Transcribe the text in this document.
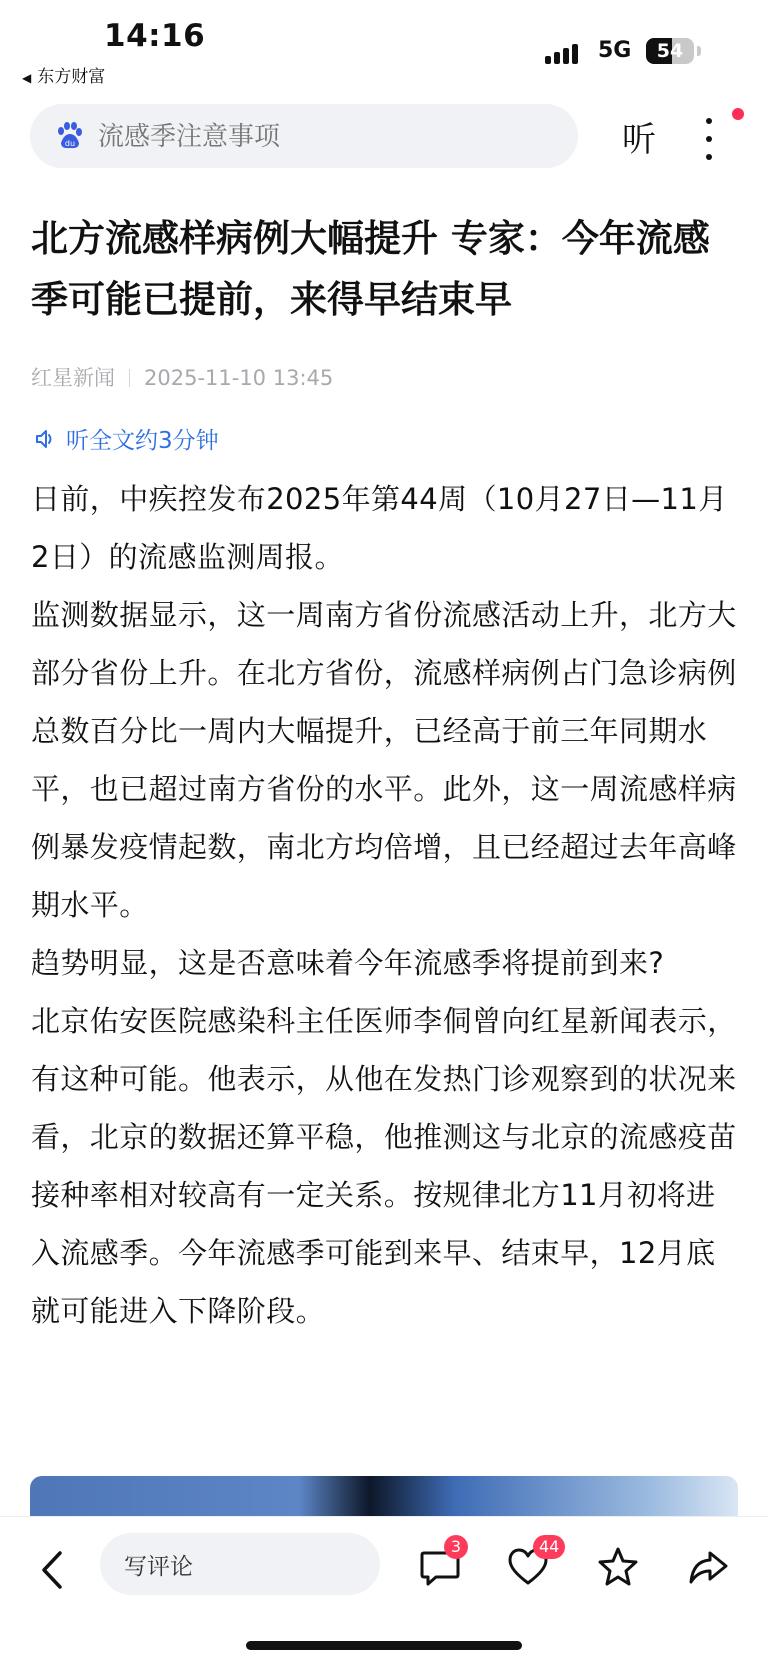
14:16
◀ 东方财富
5G	54
du
流感季注意事项	听
北方流感样病例大幅提升 专家：今年流感季可能已提前，来得早结束早
红星新闻 2025-11-10 13:45
听全文约3分钟

日前，中疾控发布2025年第44周（10月27日—11月2日）的流感监测周报。

监测数据显示，这一周南方省份流感活动上升，北方大部分省份上升。在北方省份，流感样病例占门急诊病例总数百分比一周内大幅提升，已经高于前三年同期水平，也已超过南方省份的水平。此外，这一周流感样病例暴发疫情起数，南北方均倍增，且已经超过去年高峰期水平。

趋势明显，这是否意味着今年流感季将提前到来?

北京佑安医院感染科主任医师李侗曾向红星新闻表示，有这种可能。他表示，从他在发热门诊观察到的状况来看，北京的数据还算平稳，他推测这与北京的流感疫苗接种率相对较高有一定关系。按规律北方11月初将进入流感季。今年流感季可能到来早、结束早，12月底就可能进入下降阶段。

写评论
3	44
